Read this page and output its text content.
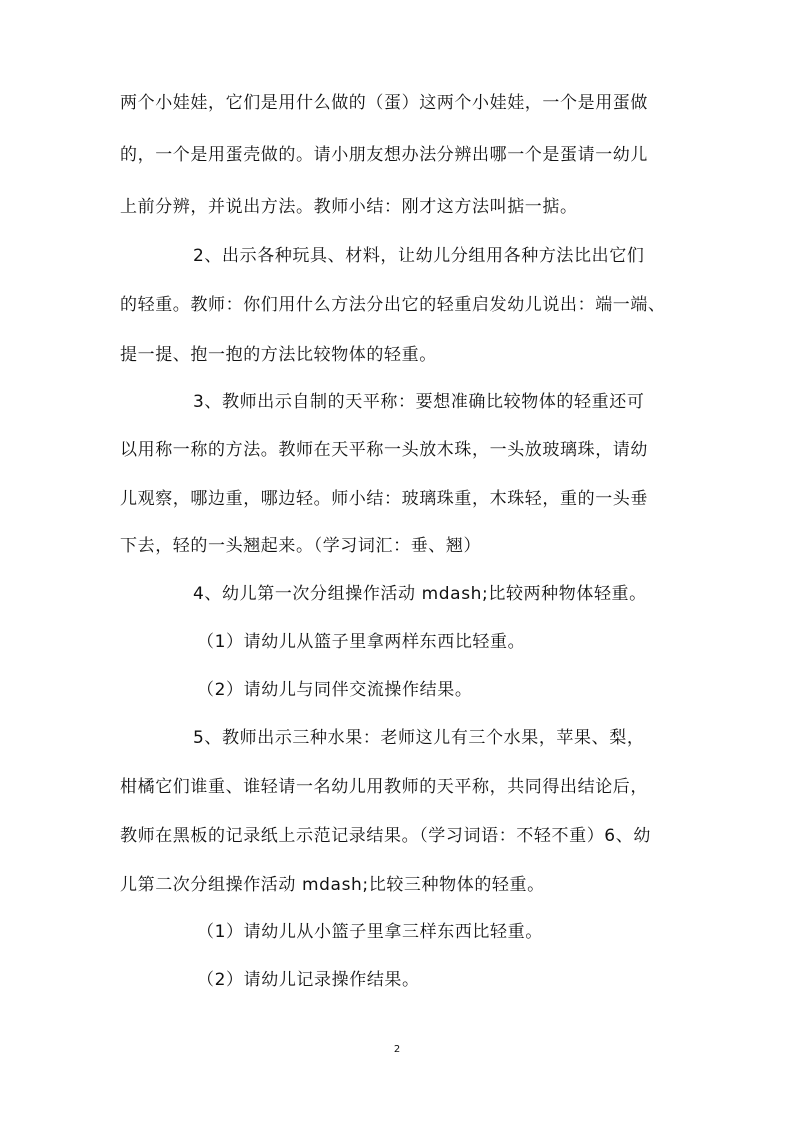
两个小娃娃，它们是用什么做的（蛋）这两个小娃娃，一个是用蛋做
的，一个是用蛋壳做的。请小朋友想办法分辨出哪一个是蛋请一幼儿
上前分辨，并说出方法。教师小结：刚才这方法叫掂一掂。
2、出示各种玩具、材料，让幼儿分组用各种方法比出它们
的轻重。教师：你们用什么方法分出它的轻重启发幼儿说出：端一端、
提一提、抱一抱的方法比较物体的轻重。
3、教师出示自制的天平称：要想准确比较物体的轻重还可
以用称一称的方法。教师在天平称一头放木珠，一头放玻璃珠，请幼
儿观察，哪边重，哪边轻。师小结：玻璃珠重，木珠轻，重的一头垂
下去，轻的一头翘起来。（学习词汇：垂、翘）
4、幼儿第一次分组操作活动 mdash;比较两种物体轻重。
（1）请幼儿从篮子里拿两样东西比轻重。
（2）请幼儿与同伴交流操作结果。
5、教师出示三种水果：老师这儿有三个水果，苹果、梨，
柑橘它们谁重、谁轻请一名幼儿用教师的天平称，共同得出结论后，
教师在黑板的记录纸上示范记录结果。（学习词语：不轻不重）6、幼
儿第二次分组操作活动 mdash;比较三种物体的轻重。
（1）请幼儿从小篮子里拿三样东西比轻重。
（2）请幼儿记录操作结果。
2
